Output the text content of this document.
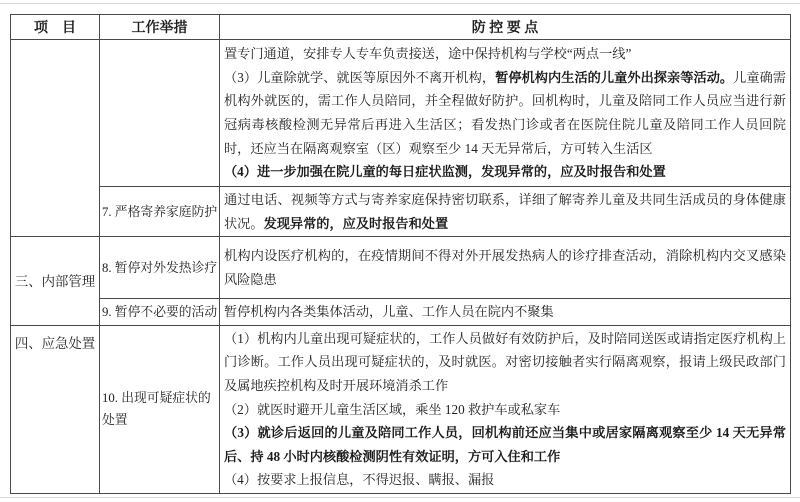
项　目	工作举措	防 控 要 点

		置专门通道，安排专人专车负责接送，途中保持机构与学校“两点一线”

（3）儿童除就学、就医等原因外不离开机构，暂停机构内生活的儿童外出探亲等活动。儿童确需机构外就医的，需工作人员陪同，并全程做好防护。回机构时，儿童及陪同工作人员应当进行新冠病毒核酸检测无异常后再进入生活区；看发热门诊或者在医院住院儿童及陪同工作人员回院时，还应当在隔离观察室（区）观察至少 14 天无异常后，方可转入生活区

（4）进一步加强在院儿童的每日症状监测，发现异常的，应及时报告和处置

	7. 严格寄养家庭防护	通过电话、视频等方式与寄养家庭保持密切联系，详细了解寄养儿童及共同生活成员的身体健康状况。发现异常的，应及时报告和处置

三、内部管理	8. 暂停对外发热诊疗	机构内设医疗机构的，在疫情期间不得对外开展发热病人的诊疗排查活动，消除机构内交叉感染风险隐患

	9. 暂停不必要的活动	暂停机构内各类集体活动，儿童、工作人员在院内不聚集

四、应急处置	10. 出现可疑症状的处置	（1）机构内儿童出现可疑症状的，工作人员做好有效防护后，及时陪同送医或请指定医疗机构上门诊断。工作人员出现可疑症状的，及时就医。对密切接触者实行隔离观察，报请上级民政部门及属地疾控机构及时开展环境消杀工作

（2）就医时避开儿童生活区域，乘坐 120 救护车或私家车

（3）就诊后返回的儿童及陪同工作人员，回机构前还应当集中或居家隔离观察至少 14 天无异常后、持 48 小时内核酸检测阴性有效证明，方可入住和工作

（4）按要求上报信息，不得迟报、瞒报、漏报
